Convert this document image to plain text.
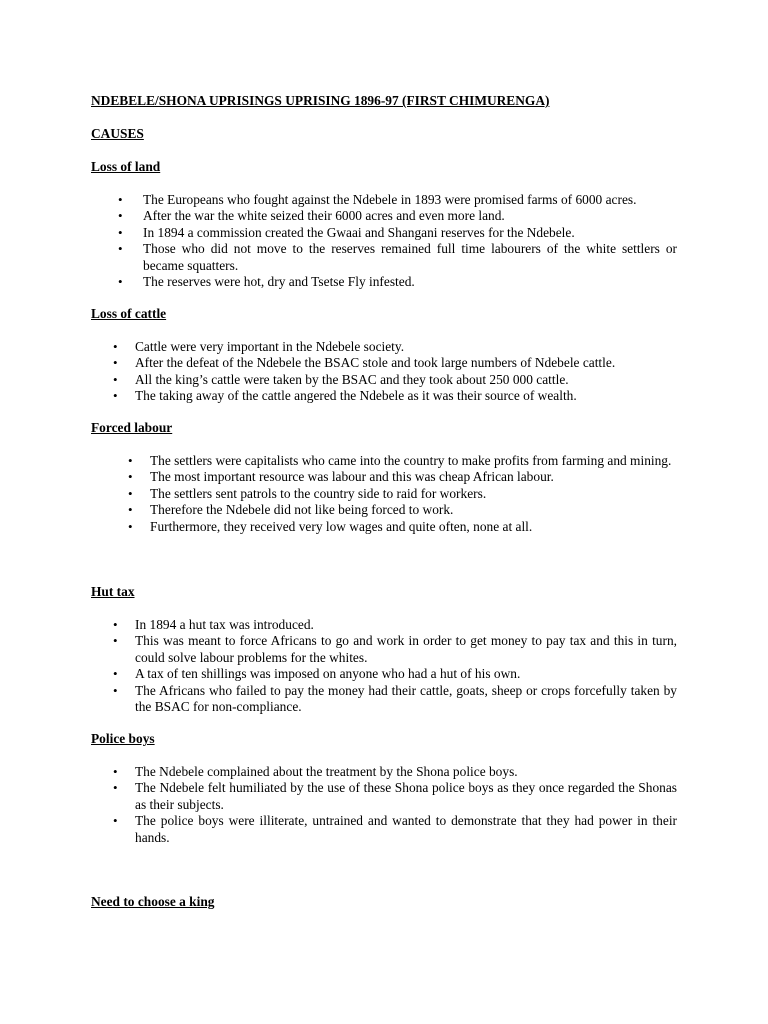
NDEBELE/SHONA UPRISINGS UPRISING 1896-97 (FIRST CHIMURENGA)
CAUSES
Loss of land
• The Europeans who fought against the Ndebele in 1893 were promised farms of 6000 acres.
• After the war the white seized their 6000 acres and even more land.
• In 1894 a commission created the Gwaai and Shangani reserves for the Ndebele.
• Those who did not move to the reserves remained full time labourers of the white settlers or became squatters.
• The reserves were hot, dry and Tsetse Fly infested.
Loss of cattle
• Cattle were very important in the Ndebele society.
• After the defeat of the Ndebele the BSAC stole and took large numbers of Ndebele cattle.
• All the king’s cattle were taken by the BSAC and they took about 250 000 cattle.
• The taking away of the cattle angered the Ndebele as it was their source of wealth.
Forced labour
• The settlers were capitalists who came into the country to make profits from farming and mining.
• The most important resource was labour and this was cheap African labour.
• The settlers sent patrols to the country side to raid for workers.
• Therefore the Ndebele did not like being forced to work.
• Furthermore, they received very low wages and quite often, none at all.
Hut tax
• In 1894 a hut tax was introduced.
• This was meant to force Africans to go and work in order to get money to pay tax and this in turn, could solve labour problems for the whites.
• A tax of ten shillings was imposed on anyone who had a hut of his own.
• The Africans who failed to pay the money had their cattle, goats, sheep or crops forcefully taken by the BSAC for non-compliance.
Police boys
• The Ndebele complained about the treatment by the Shona police boys.
• The Ndebele felt humiliated by the use of these Shona police boys as they once regarded the Shonas as their subjects.
• The police boys were illiterate, untrained and wanted to demonstrate that they had power in their hands.
Need to choose a king
